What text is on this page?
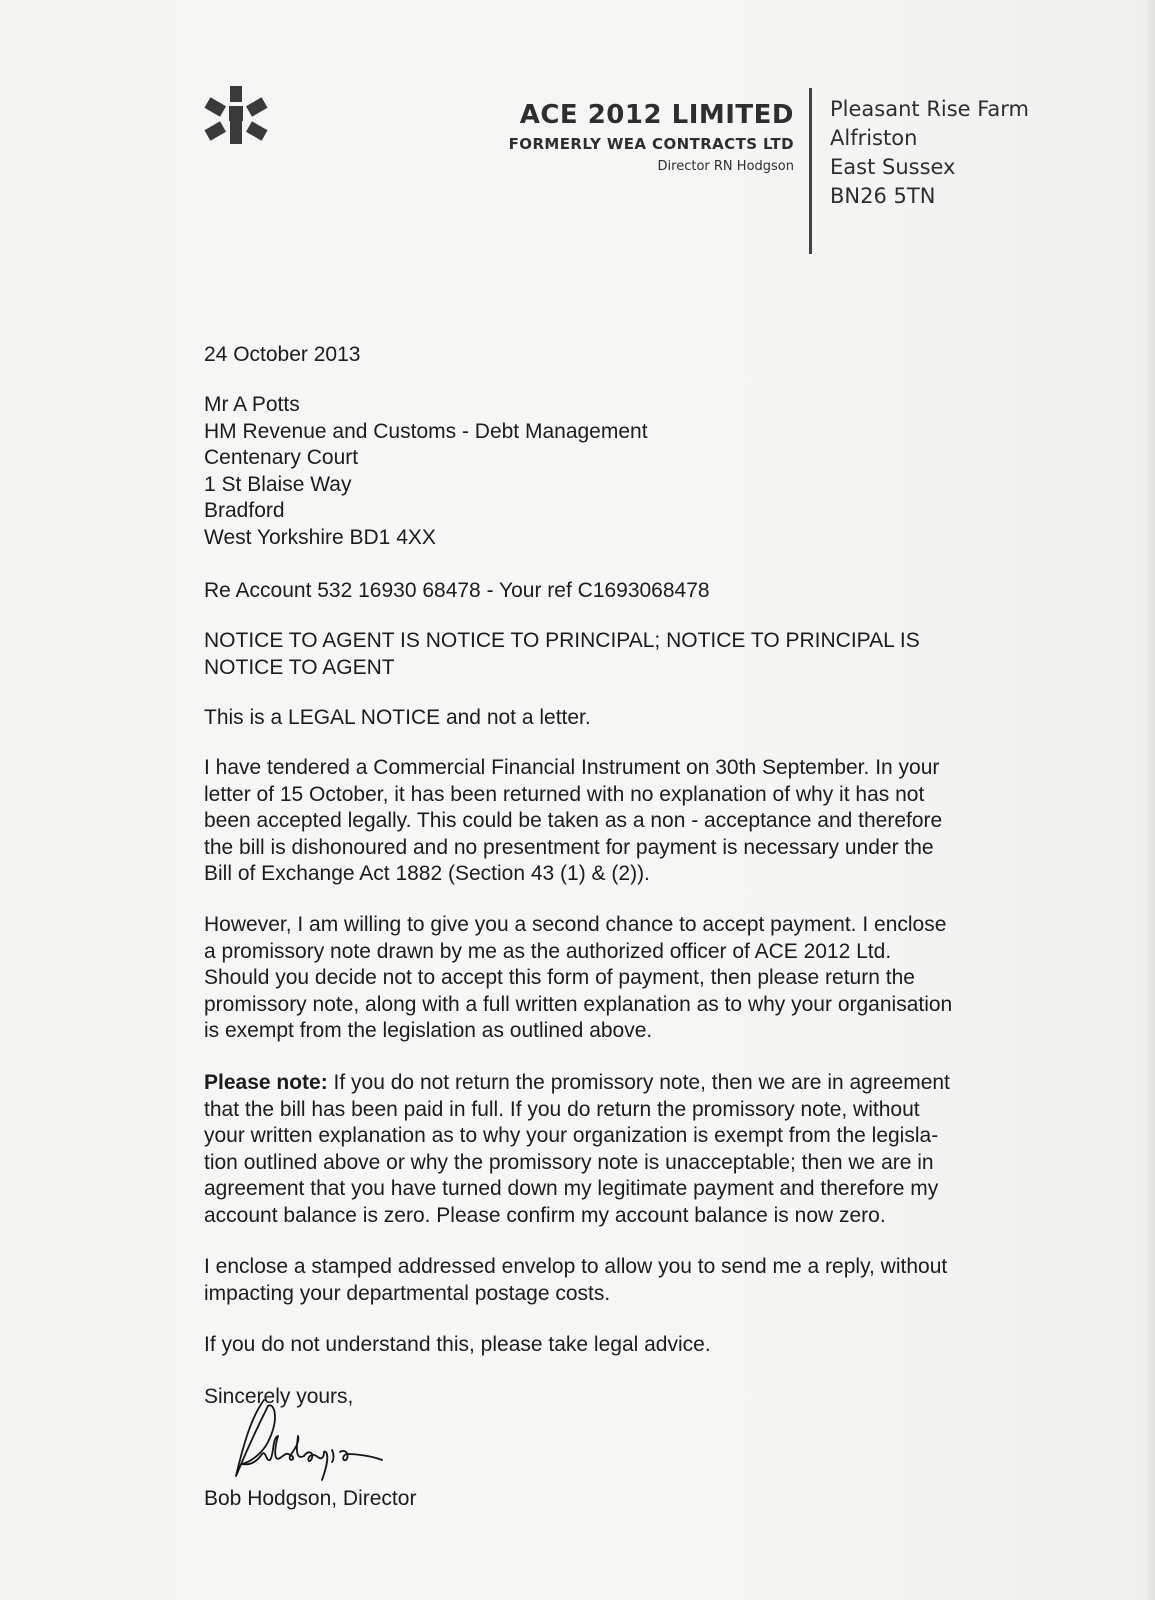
ACE 2012 LIMITED
FORMERLY WEA CONTRACTS LTD
Director RN Hodgson
Pleasant Rise Farm
Alfriston
East Sussex
BN26 5TN

24 October 2013

Mr A Potts
HM Revenue and Customs - Debt Management
Centenary Court
1 St Blaise Way
Bradford
West Yorkshire BD1 4XX

Re Account 532 16930 68478 - Your ref C1693068478

NOTICE TO AGENT IS NOTICE TO PRINCIPAL; NOTICE TO PRINCIPAL IS
NOTICE TO AGENT

This is a LEGAL NOTICE and not a letter.

I have tendered a Commercial Financial Instrument on 30th September. In your
letter of 15 October, it has been returned with no explanation of why it has not
been accepted legally. This could be taken as a non - acceptance and therefore
the bill is dishonoured and no presentment for payment is necessary under the
Bill of Exchange Act 1882 (Section 43 (1) & (2)).
However, I am willing to give you a second chance to accept payment. I enclose
a promissory note drawn by me as the authorized officer of ACE 2012 Ltd.
Should you decide not to accept this form of payment, then please return the
promissory note, along with a full written explanation as to why your organisation
is exempt from the legislation as outlined above.
Please note: If you do not return the promissory note, then we are in agreement
that the bill has been paid in full. If you do return the promissory note, without
your written explanation as to why your organization is exempt from the legisla-
tion outlined above or why the promissory note is unacceptable; then we are in
agreement that you have turned down my legitimate payment and therefore my
account balance is zero. Please confirm my account balance is now zero.
I enclose a stamped addressed envelop to allow you to send me a reply, without
impacting your departmental postage costs.

If you do not understand this, please take legal advice.

Sincerely yours,

Bob Hodgson, Director
